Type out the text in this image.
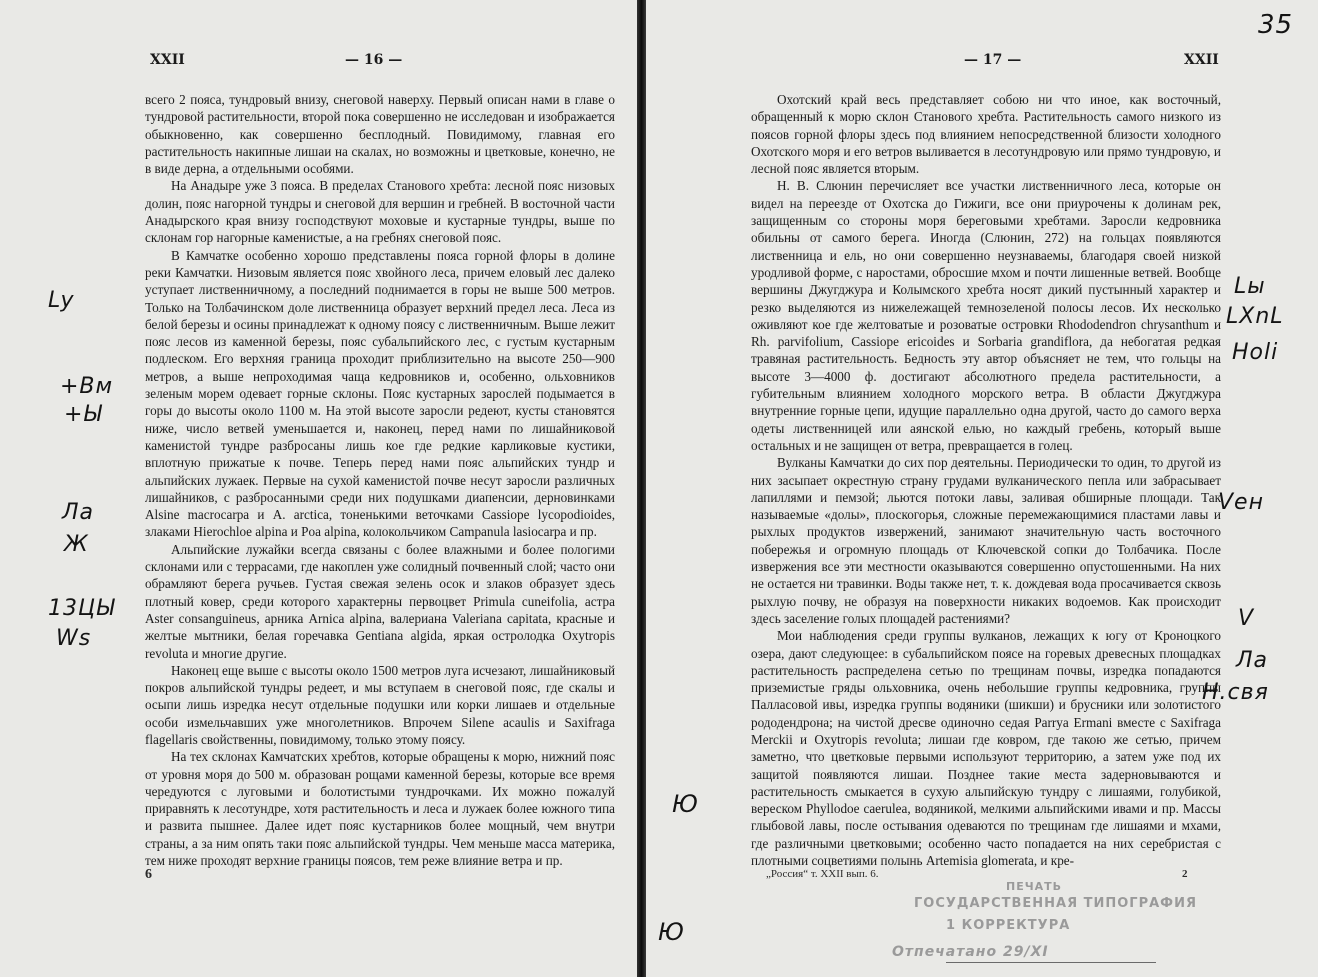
XXII	— 16 —

всего 2 пояса, тундровый внизу, снеговой наверху. Первый описан нами в главе о тундровой растительности, второй пока совершенно не исследован и изображается обыкновенно, как совершенно бесплодный. Повидимому, главная его растительность накипные лишаи на скалах, но возможны и цветковые, конечно, не в виде дерна, а отдельными особями.

На Анадыре уже 3 пояса. В пределах Станового хребта: лесной пояс низовых долин, пояс нагорной тундры и снеговой для вершин и гребней. В восточной части Анадырского края внизу господствуют моховые и кустарные тундры, выше по склонам гор нагорные каменистые, а на гребнях снеговой пояс.

В Камчатке особенно хорошо представлены пояса горной флоры в долине реки Камчатки. Низовым является пояс хвойного леса, причем еловый лес далеко уступает лиственничному, а последний поднимается в горы не выше 500 метров. Только на Толбачинском доле лиственница образует верхний предел леса. Леса из белой березы и осины принадлежат к одному поясу с лиственничным. Выше лежит пояс лесов из каменной березы, пояс субальпийского лес, с густым кустарным подлеском. Его верхняя граница проходит приблизительно на высоте 250—900 метров, а выше непроходимая чаща кедровников и, особенно, ольховников зеленым морем одевает горные склоны. Пояс кустарных зарослей подымается в горы до высоты около 1100 м. На этой высоте заросли редеют, кусты становятся ниже, число ветвей уменьшается и, наконец, перед нами по лишайниковой каменистой тундре разбросаны лишь кое где редкие карликовые кустики, вплотную прижатые к почве. Теперь перед нами пояс альпийских тундр и альпийских лужаек. Первые на сухой каменистой почве несут заросли различных лишайников, с разбросанными среди них подушками диапенсии, дерновинками Alsine macrocarpa и A. arctica, тоненькими веточками Cassiope lycopodioides, злаками Hierochloe alpina и Poa alpina, колокольчиком Campanula lasiocarpa и пр.

Альпийские лужайки всегда связаны с более влажными и более пологими склонами или с террасами, где накоплен уже солидный почвенный слой; часто они обрамляют берега ручьев. Густая свежая зелень осок и злаков образует здесь плотный ковер, среди которого характерны первоцвет Primula cuneifolia, астра Aster consanguineus, арника Arnica alpina, валериана Valeriana capitata, красные и желтые мытники, белая горечавка Gentiana algida, яркая остролодка Oxytropis revoluta и многие другие.

Наконец еще выше с высоты около 1500 метров луга исчезают, лишайниковый покров альпийской тундры редеет, и мы вступаем в снеговой пояс, где скалы и осыпи лишь изредка несут отдельные подушки или корки лишаев и отдельные особи измельчавших уже многолетников. Впрочем Silene acaulis и Saxifraga flagellaris свойственны, повидимому, только этому поясу.

На тех склонах Камчатских хребтов, которые обращены к морю, нижний пояс от уровня моря до 500 м. образован рощами каменной березы, которые все время чередуются с луговыми и болотистыми тундрочками. Их можно пожалуй приравнять к лесотундре, хотя растительность и леса и лужаек более южного типа и развита пышнее. Далее идет пояс кустарников более мощный, чем внутри страны, а за ним опять таки пояс альпийской тундры. Чем меньше масса материка, тем ниже проходят верхние границы поясов, тем реже влияние ветра и пр.

6
Ly
+Вм
+Ы
Ла
Ж
13ЦЫ
Ws
— 17 —	XXII
35

Охотский край весь представляет собою ни что иное, как восточный, обращенный к морю склон Станового хребта. Растительность самого низкого из поясов горной флоры здесь под влиянием непосредственной близости холодного Охотского моря и его ветров выливается в лесотундровую или прямо тундровую, и лесной пояс является вторым.

Н. В. Слюнин перечисляет все участки лиственничного леса, которые он видел на переезде от Охотска до Гижиги, все они приурочены к долинам рек, защищенным со стороны моря береговыми хребтами. Заросли кедровника обильны от самого берега. Иногда (Слюнин, 272) на гольцах появляются лиственница и ель, но они совершенно неузнаваемы, благодаря своей низкой уродливой форме, с наростами, обросшие мхом и почти лишенные ветвей. Вообще вершины Джугджура и Колымского хребта носят дикий пустынный характер и резко выделяются из нижележащей темнозеленой полосы лесов. Их несколько оживляют кое где желтоватые и розоватые островки Rhododendron chrysanthum и Rh. parvifolium, Cassiope ericoides и Sorbaria grandiflora, да небогатая редкая травяная растительность. Бедность эту автор объясняет не тем, что гольцы на высоте 3—4000 ф. достигают абсолютного предела растительности, а губительным влиянием холодного морского ветра. В области Джугджура внутренние горные цепи, идущие параллельно одна другой, часто до самого верха одеты лиственницей или аянской елью, но каждый гребень, который выше остальных и не защищен от ветра, превращается в голец.

Вулканы Камчатки до сих пор деятельны. Периодически то один, то другой из них засыпает окрестную страну грудами вулканического пепла или забрасывает лапиллями и пемзой; льются потоки лавы, заливая обширные площади. Так называемые «долы», плоскогорья, сложные перемежающимися пластами лавы и рыхлых продуктов извержений, занимают значительную часть восточного побережья и огромную площадь от Ключевской сопки до Толбачика. После извержения все эти местности оказываются совершенно опустошенными. На них не остается ни травинки. Воды также нет, т. к. дождевая вода просачивается сквозь рыхлую почву, не образуя на поверхности никаких водоемов. Как происходит здесь заселение голых площадей растениями?

Мои наблюдения среди группы вулканов, лежащих к югу от Кроноцкого озера, дают следующее: в субальпийском поясе на горевых древесных площадках растительность распределена сетью по трещинам почвы, изредка попадаются приземистые гряды ольховника, очень небольшие группы кедровника, группы Палласовой ивы, изредка группы водяники (шикши) и брусники или золотистого рододендрона; на чистой дресве одиночно седая Parrya Ermani вместе с Saxifraga Merckii и Oxytropis revoluta; лишаи где ковром, где такою же сетью, причем заметно, что цветковые первыми используют территорию, а затем уже под их защитой появляются лишаи. Позднее такие места задерновываются и растительность смыкается в сухую альпийскую тундру с лишаями, голубикой, вереском Phyllodoe caerulea, водяникой, мелкими альпийскими ивами и пр. Массы глыбовой лавы, после остывания одеваются по трещинам где лишаями и мхами, где различными цветковыми; особенно часто попадается на них серебристая с плотными соцветиями полынь Artemisia glomerata, и кре-

„Россия“ т. XXII вып. 6.	2
ПЕЧАТЬ
ГОСУДАРСТВЕННАЯ ТИПОГРАФИЯ
1 КОРРЕКТУРА
Отпечатано 29/XI
Lы
LXnL
Holi
Vен
V
Ла
Н.свя
Ю
Ю
